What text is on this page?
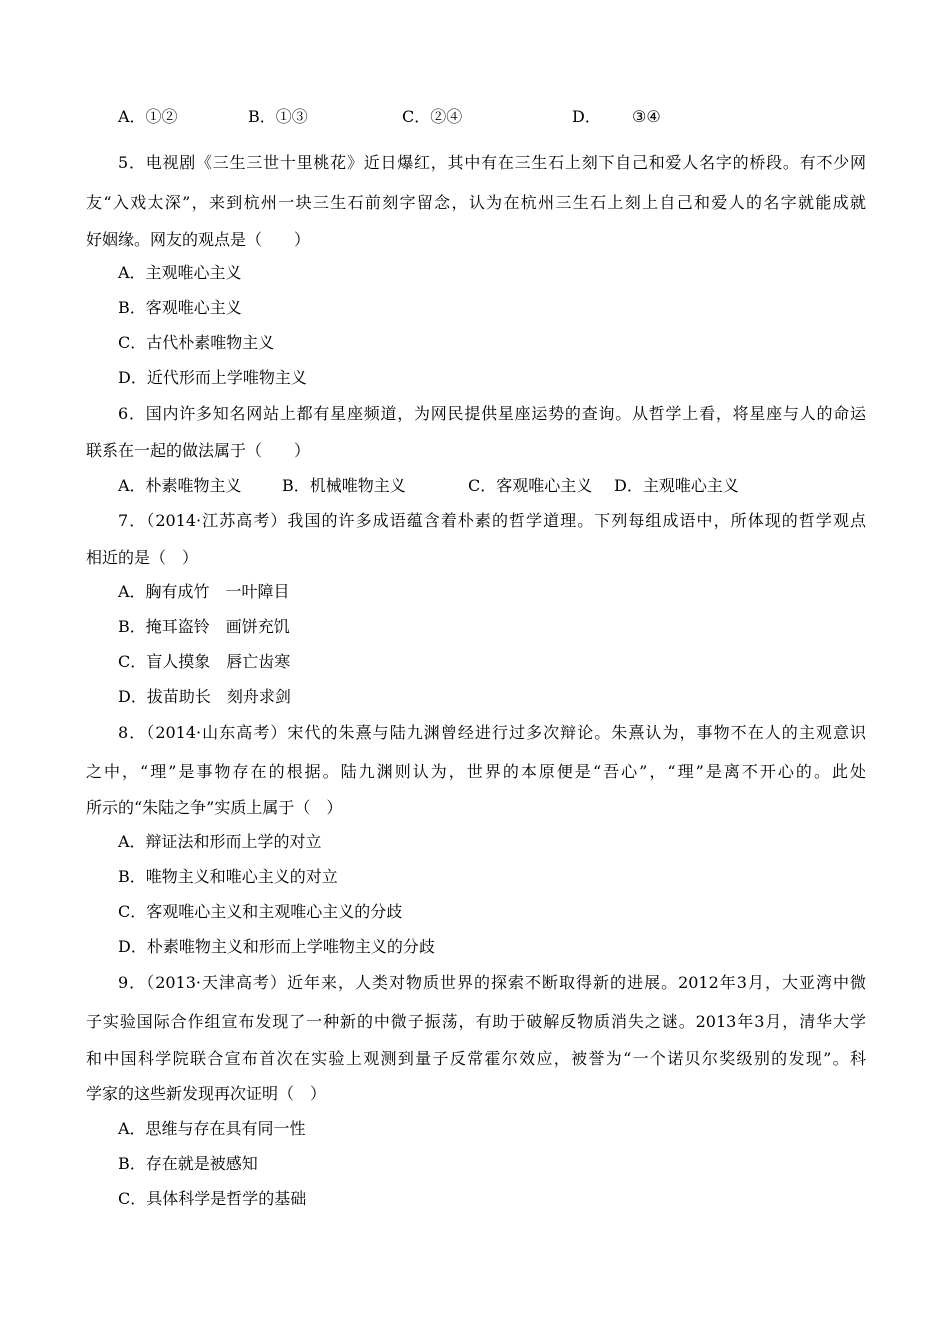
A．①②	B．①③	C．②④	D． ③④
5．电视剧《三生三世十里桃花》近日爆红，其中有在三生石上刻下自己和爱人名字的桥段。有不少网
友“入戏太深”，来到杭州一块三生石前刻字留念，认为在杭州三生石上刻上自己和爱人的名字就能成就
好姻缘。网友的观点是（　　）
A．主观唯心主义
B．客观唯心主义
C．古代朴素唯物主义
D．近代形而上学唯物主义
6．国内许多知名网站上都有星座频道，为网民提供星座运势的查询。从哲学上看，将星座与人的命运
联系在一起的做法属于（　　）
A．朴素唯物主义	B．机械唯物主义	C．客观唯心主义 D．主观唯心主义
7．（2014·江苏高考）我国的许多成语蕴含着朴素的哲学道理。下列每组成语中，所体现的哲学观点
相近的是（　）
A．胸有成竹　一叶障目
B．掩耳盗铃　画饼充饥
C．盲人摸象　唇亡齿寒
D．拔苗助长　刻舟求剑
8．（2014·山东高考）宋代的朱熹与陆九渊曾经进行过多次辩论。朱熹认为，事物不在人的主观意识
之中，“理”是事物存在的根据。陆九渊则认为，世界的本原便是“吾心”，“理”是离不开心的。此处
所示的“朱陆之争”实质上属于（　）
A．辩证法和形而上学的对立
B．唯物主义和唯心主义的对立
C．客观唯心主义和主观唯心主义的分歧
D．朴素唯物主义和形而上学唯物主义的分歧
9．（2013·天津高考）近年来，人类对物质世界的探索不断取得新的进展。2012年3月，大亚湾中微
子实验国际合作组宣布发现了一种新的中微子振荡，有助于破解反物质消失之谜。2013年3月，清华大学
和中国科学院联合宣布首次在实验上观测到量子反常霍尔效应，被誉为“一个诺贝尔奖级别的发现”。科
学家的这些新发现再次证明（　）
A．思维与存在具有同一性
B．存在就是被感知
C．具体科学是哲学的基础
